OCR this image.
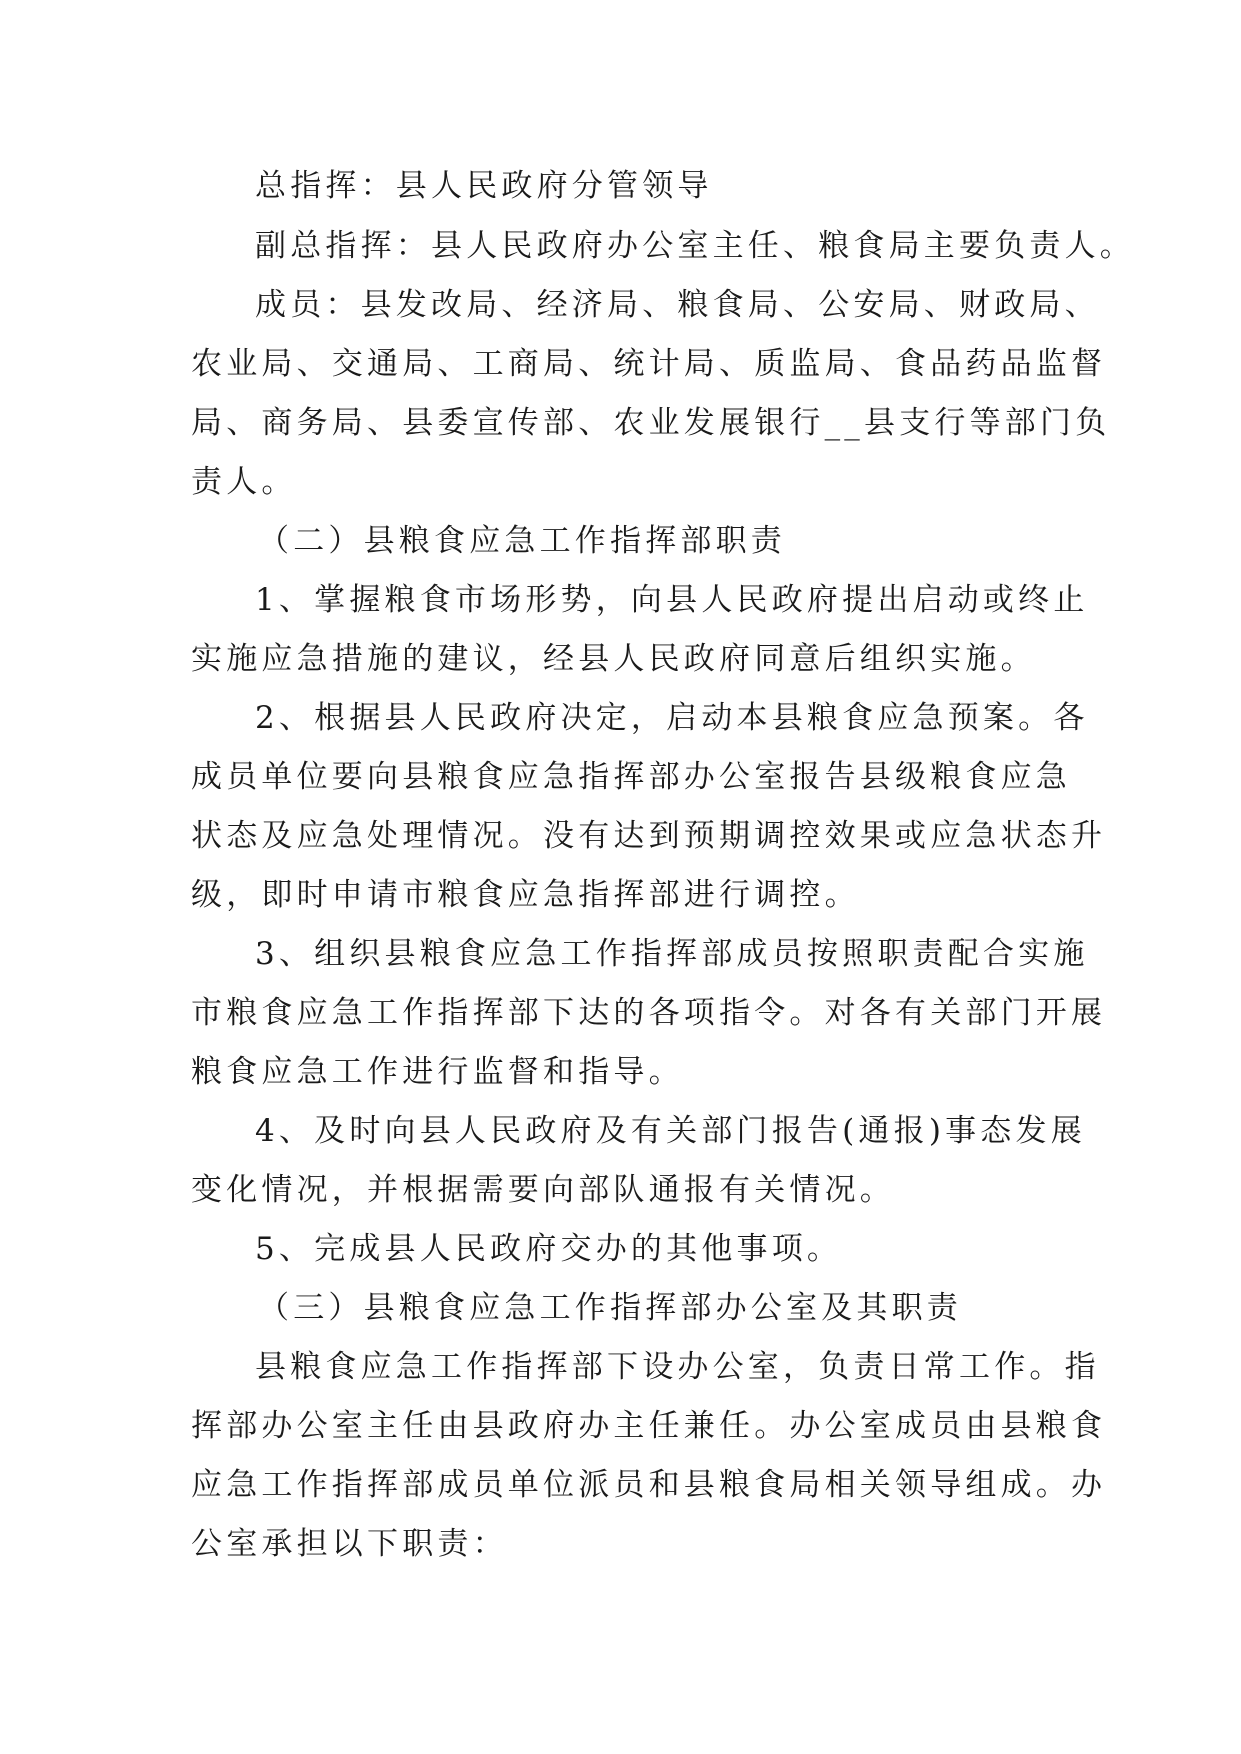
总指挥：县人民政府分管领导
副总指挥：县人民政府办公室主任、粮食局主要负责人。
成员：县发改局、经济局、粮食局、公安局、财政局、
农业局、交通局、工商局、统计局、质监局、食品药品监督
局、商务局、县委宣传部、农业发展银行__县支行等部门负
责人。
（二）县粮食应急工作指挥部职责
1、掌握粮食市场形势，向县人民政府提出启动或终止
实施应急措施的建议，经县人民政府同意后组织实施。
2、根据县人民政府决定，启动本县粮食应急预案。各
成员单位要向县粮食应急指挥部办公室报告县级粮食应急
状态及应急处理情况。没有达到预期调控效果或应急状态升
级，即时申请市粮食应急指挥部进行调控。
3、组织县粮食应急工作指挥部成员按照职责配合实施
市粮食应急工作指挥部下达的各项指令。对各有关部门开展
粮食应急工作进行监督和指导。
4、及时向县人民政府及有关部门报告(通报)事态发展
变化情况，并根据需要向部队通报有关情况。
5、完成县人民政府交办的其他事项。
（三）县粮食应急工作指挥部办公室及其职责
县粮食应急工作指挥部下设办公室，负责日常工作。指
挥部办公室主任由县政府办主任兼任。办公室成员由县粮食
应急工作指挥部成员单位派员和县粮食局相关领导组成。办
公室承担以下职责：
